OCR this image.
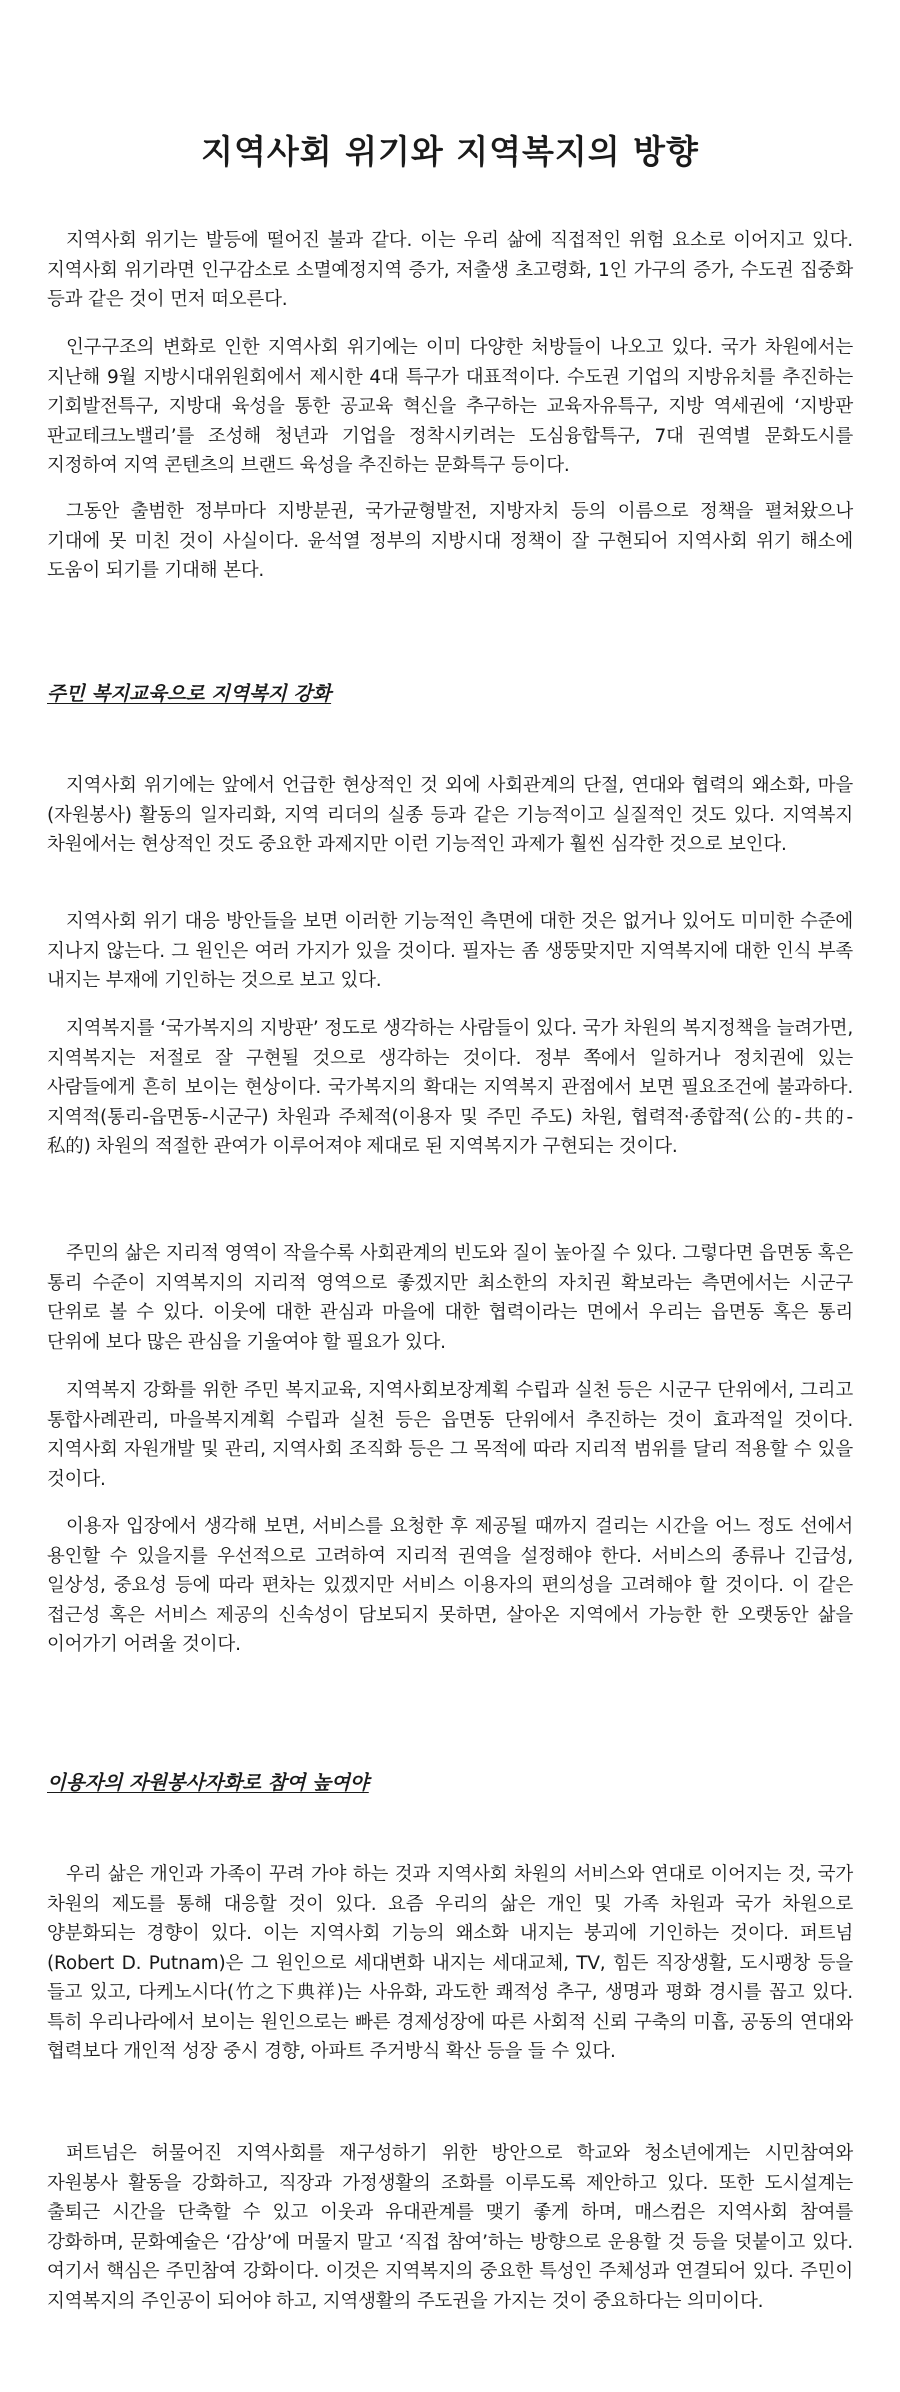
지역사회 위기와 지역복지의 방향

지역사회 위기는 발등에 떨어진 불과 같다. 이는 우리 삶에 직접적인 위험 요소로 이어지고 있다. 지역사회 위기라면 인구감소로 소멸예정지역 증가, 저출생 초고령화, 1인 가구의 증가, 수도권 집중화 등과 같은 것이 먼저 떠오른다.

인구구조의 변화로 인한 지역사회 위기에는 이미 다양한 처방들이 나오고 있다. 국가 차원에서는 지난해 9월 지방시대위원회에서 제시한 4대 특구가 대표적이다. 수도권 기업의 지방유치를 추진하는 기회발전특구, 지방대 육성을 통한 공교육 혁신을 추구하는 교육자유특구, 지방 역세권에 ‘지방판 판교테크노밸리’를 조성해 청년과 기업을 정착시키려는 도심융합특구, 7대 권역별 문화도시를 지정하여 지역 콘텐츠의 브랜드 육성을 추진하는 문화특구 등이다.

그동안 출범한 정부마다 지방분권, 국가균형발전, 지방자치 등의 이름으로 정책을 펼쳐왔으나 기대에 못 미친 것이 사실이다. 윤석열 정부의 지방시대 정책이 잘 구현되어 지역사회 위기 해소에 도움이 되기를 기대해 본다.

주민 복지교육으로 지역복지 강화

지역사회 위기에는 앞에서 언급한 현상적인 것 외에 사회관계의 단절, 연대와 협력의 왜소화, 마을(자원봉사) 활동의 일자리화, 지역 리더의 실종 등과 같은 기능적이고 실질적인 것도 있다. 지역복지 차원에서는 현상적인 것도 중요한 과제지만 이런 기능적인 과제가 훨씬 심각한 것으로 보인다.

지역사회 위기 대응 방안들을 보면 이러한 기능적인 측면에 대한 것은 없거나 있어도 미미한 수준에 지나지 않는다. 그 원인은 여러 가지가 있을 것이다. 필자는 좀 생뚱맞지만 지역복지에 대한 인식 부족 내지는 부재에 기인하는 것으로 보고 있다.

지역복지를 ‘국가복지의 지방판’ 정도로 생각하는 사람들이 있다. 국가 차원의 복지정책을 늘려가면, 지역복지는 저절로 잘 구현될 것으로 생각하는 것이다. 정부 쪽에서 일하거나 정치권에 있는 사람들에게 흔히 보이는 현상이다. 국가복지의 확대는 지역복지 관점에서 보면 필요조건에 불과하다. 지역적(통리-읍면동-시군구) 차원과 주체적(이용자 및 주민 주도) 차원, 협력적·종합적(公的-共的-私的) 차원의 적절한 관여가 이루어져야 제대로 된 지역복지가 구현되는 것이다.

주민의 삶은 지리적 영역이 작을수록 사회관계의 빈도와 질이 높아질 수 있다. 그렇다면 읍면동 혹은 통리 수준이 지역복지의 지리적 영역으로 좋겠지만 최소한의 자치권 확보라는 측면에서는 시군구 단위로 볼 수 있다. 이웃에 대한 관심과 마을에 대한 협력이라는 면에서 우리는 읍면동 혹은 통리 단위에 보다 많은 관심을 기울여야 할 필요가 있다.

지역복지 강화를 위한 주민 복지교육, 지역사회보장계획 수립과 실천 등은 시군구 단위에서, 그리고 통합사례관리, 마을복지계획 수립과 실천 등은 읍면동 단위에서 추진하는 것이 효과적일 것이다. 지역사회 자원개발 및 관리, 지역사회 조직화 등은 그 목적에 따라 지리적 범위를 달리 적용할 수 있을 것이다.

이용자 입장에서 생각해 보면, 서비스를 요청한 후 제공될 때까지 걸리는 시간을 어느 정도 선에서 용인할 수 있을지를 우선적으로 고려하여 지리적 권역을 설정해야 한다. 서비스의 종류나 긴급성, 일상성, 중요성 등에 따라 편차는 있겠지만 서비스 이용자의 편의성을 고려해야 할 것이다. 이 같은 접근성 혹은 서비스 제공의 신속성이 담보되지 못하면, 살아온 지역에서 가능한 한 오랫동안 삶을 이어가기 어려울 것이다.

이용자의 자원봉사자화로 참여 높여야

우리 삶은 개인과 가족이 꾸려 가야 하는 것과 지역사회 차원의 서비스와 연대로 이어지는 것, 국가 차원의 제도를 통해 대응할 것이 있다. 요즘 우리의 삶은 개인 및 가족 차원과 국가 차원으로 양분화되는 경향이 있다. 이는 지역사회 기능의 왜소화 내지는 붕괴에 기인하는 것이다. 퍼트넘(Robert D. Putnam)은 그 원인으로 세대변화 내지는 세대교체, TV, 힘든 직장생활, 도시팽창 등을 들고 있고, 다케노시다(竹之下典祥)는 사유화, 과도한 쾌적성 추구, 생명과 평화 경시를 꼽고 있다. 특히 우리나라에서 보이는 원인으로는 빠른 경제성장에 따른 사회적 신뢰 구축의 미흡, 공동의 연대와 협력보다 개인적 성장 중시 경향, 아파트 주거방식 확산 등을 들 수 있다.

퍼트넘은 허물어진 지역사회를 재구성하기 위한 방안으로 학교와 청소년에게는 시민참여와 자원봉사 활동을 강화하고, 직장과 가정생활의 조화를 이루도록 제안하고 있다. 또한 도시설계는 출퇴근 시간을 단축할 수 있고 이웃과 유대관계를 맺기 좋게 하며, 매스컴은 지역사회 참여를 강화하며, 문화예술은 ‘감상’에 머물지 말고 ‘직접 참여’하는 방향으로 운용할 것 등을 덧붙이고 있다. 여기서 핵심은 주민참여 강화이다. 이것은 지역복지의 중요한 특성인 주체성과 연결되어 있다. 주민이 지역복지의 주인공이 되어야 하고, 지역생활의 주도권을 가지는 것이 중요하다는 의미이다.
